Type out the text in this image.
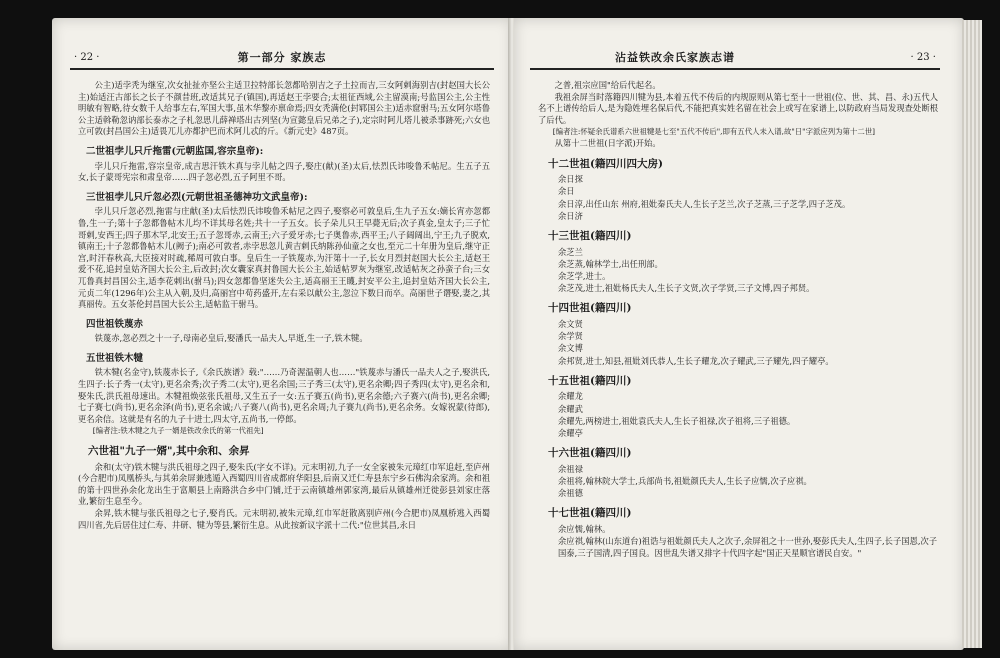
· 22 ·	第一部分 家族志

公主)适孛秃为继室,次女扯扯亦坚公主适卫拉特部长忽都哈别吉之子土拉而吉,三女阿剌海别吉(封赵国大长公主)始适汪古部长之长子不颜昔班,改适其兄子(镇国),再适赵王孛要合;太祖征西域,公主留漠南;号监国公主,公主性明敏有智略,待女数千人给事左右,军国大事,虽木华黎亦禀命焉;四女秃满伦(封郓国公主)适赤窟驸马;五女阿尔塔鲁公主适斡勒忽讷部长泰赤之子札忽思儿薛禅塔出古列坚(为宣懿皇后兄弟之子),定宗时阿儿塔儿被杀事跡死;六女也立可敦(封昌国公主)适畏兀儿亦都护巴而术阿儿忒的斤。《新元史》487页。

二世祖孛儿只斤拖雷(元朝监国,容宗皇帝):

孛儿只斤拖雷,容宗皇帝,成吉思汗铁木真与孛儿帖之四子,娶庄(献)(圣)太后,怯烈氏讳唆鲁禾帖尼。生五子五女,长子蒙哥宪宗和肃皇帝……四子忽必烈,五子阿里不哥。

三世祖孛儿只斤忽必烈(元朝世祖圣德神功文武皇帝):

孛儿只斤忽必烈,拖雷与庄献(圣)太后怯烈氏讳唆鲁禾帖尼之四子,娶察必可敦皇后,生九子五女:嫡长宵亦忽都鲁,生一子;第十子忽都鲁帖木儿均不详其母名姓;共十一子五女。长子朵儿只王早薨无后;次子真金,皇太子;三子忙哥剌,安西王;四子那木罕,北安王;五子忽哥赤,云南王;六子爱牙赤;七子奥鲁赤,西平王;八子阔阔出,宁王;九子脱欢,镇南王;十子忽都鲁帖木儿(阙子);南必可敦者,赤孛思忽儿黄吉剌氏纳陈孙仙童之女也,至元二十年册为皇后,继守正宫,时汗春秋高,大臣接对时疏,稀周可敦白事。皇后生一子铁蔑赤,为汗第十一子,长女月烈封赵国大长公主,适赵王爱不花,追封皇姑齐国大长公主,后改封;次女囊家真封鲁国大长公主,始适帖罗灰为继室,改适帖灰之孙蛮子台;三女兀鲁真封昌国公主,适李花剌出(驸马);四女忽都鲁坚迷失公主,适高丽王王䁾,封安平公主,追封皇姑齐国大长公主,元贞二年(1296年)公主从入朝,及归,高丽宫中苟药盛开,左右采以献公主,忽泣下数日而卒。高丽世子谮娶,妻之,其真丽传。五女茶伦封昌国大长公主,适帖监干驸马。

四世祖铁蔑赤

铁蔑赤,忽必烈之十一子,母南必皇后,娶潘氏一品夫人,早逝,生一子,铁木犍。

五世祖铁木犍

铁木犍(名金守),铁蔑赤长子,《余氏族谱》载:"……乃奇渥温朝人也……"铁蔑赤与潘氏一品夫人之子,娶洪氏,生四子:长子秀一(太守),更名余秀;次子秀二(太守),更名余国;三子秀三(太守),更名余卿;四子秀四(太守),更名余和,娶朱氏,洪氏祖母速出。木犍祖焕弦张氏祖母,又生五子一女:五子赛五(尚书),更名余德;六子赛六(尚书),更名余卿;七子赛七(尚书),更名余泽(尚书),更名余诚;八子赛八(尚书),更名余周;九子赛九(尚书),更名余务。女嫁祝蒙(待郎),更名余信。这就是有名的九子十进士,四太守,五尚书,一停郎。

[编者注:铁木犍之九子一婿是铁改余氏的第一代祖先]

六世祖"九子一婿",其中余和、余昇

余和(太守)铁木犍与洪氏祖母之四子,娶朱氏(字女不详)。元末明初,九子一女全家被朱元璋红巾军追赶,至庐州(今合肥市)凤凰桥头,与其弟余屏兼逃遁入西蜀四川省成都府华阳县,后南又迁仁寿县东宁乡石佛沟余家湾。余和祖的第十四世孙余化龙出生于富顺县上南路洪合乡中门铺,迁于云南镇雄州郭家湾,最后从镇雄州迁徙彭县刘家庄落业,繁衍生息至今。

余昇,铁木犍与张氏祖母之七子,娶肖氏。元末明初,被朱元璋,红巾军赶散离别庐州(今合肥市)凤凰桥逃入西蜀四川省,先后居住过仁寿、井研、犍为等县,繁衍生息。从此按新议字派十二代:"位世其昌,永日

沾益铁改余氏家族志谱	· 23 ·

之普,祖宗应国"给后代起名。

我祖余屏当时落籍四川犍为县,本着五代不传后的内规原则从第七至十一世祖(位、世、其、昌、永)五代人名不上谱传给后人,是为隐姓埋名保后代,不能把真实姓名留在社会上或写在家谱上,以防政府当局发现查处断根了后代。

[编者注:怀疑余氏谱系六世祖犍是七至"五代不传后",即有五代人未入谱,故"日"字派应列为第十二世]

从第十二世祖(日字派)开始。

十二世祖(籍四川四大房)
余日探
余日
余日淳,出任山东 州府,祖妣秦氏夫人,生长子芝兰,次子芝蒸,三子芝学,四子芝茂。
余日济
十三世祖(籍四川)
余芝兰
余芝蒸,翰林学士,出任刑部。
余芝学,进士。
余芝茂,进士,祖妣杨氏夫人,生长子文贤,次子学贤,三子文博,四子邦贤。
十四世祖(籍四川)
余文贤
余学贤
余文博
余邦贤,进士,知县,祖妣刘氏恭人,生长子耀龙,次子耀武,三子耀先,四子耀亭。
十五世祖(籍四川)
余耀龙
余耀武
余耀先,两榜进士,祖妣袁氏夫人,生长子祖禄,次子祖将,三子祖德。
余耀亭
十六世祖(籍四川)
余祖禄
余祖将,翰林院大学士,兵部尚书,祖妣颜氏夫人,生长子应懦,次子应祺。
余祖德
十七世祖(籍四川)
余应懦,翰林。
余应祺,翰林(山东道台)祖诰与祖妣颜氏夫人之次子,余屏祖之十一世孙,娶彭氏夫人,生四子,长子国恩,次子国泰,三子国清,四子国良。因世乱失谱又排字十代四字起"国正天星顺官谱民自安。"
